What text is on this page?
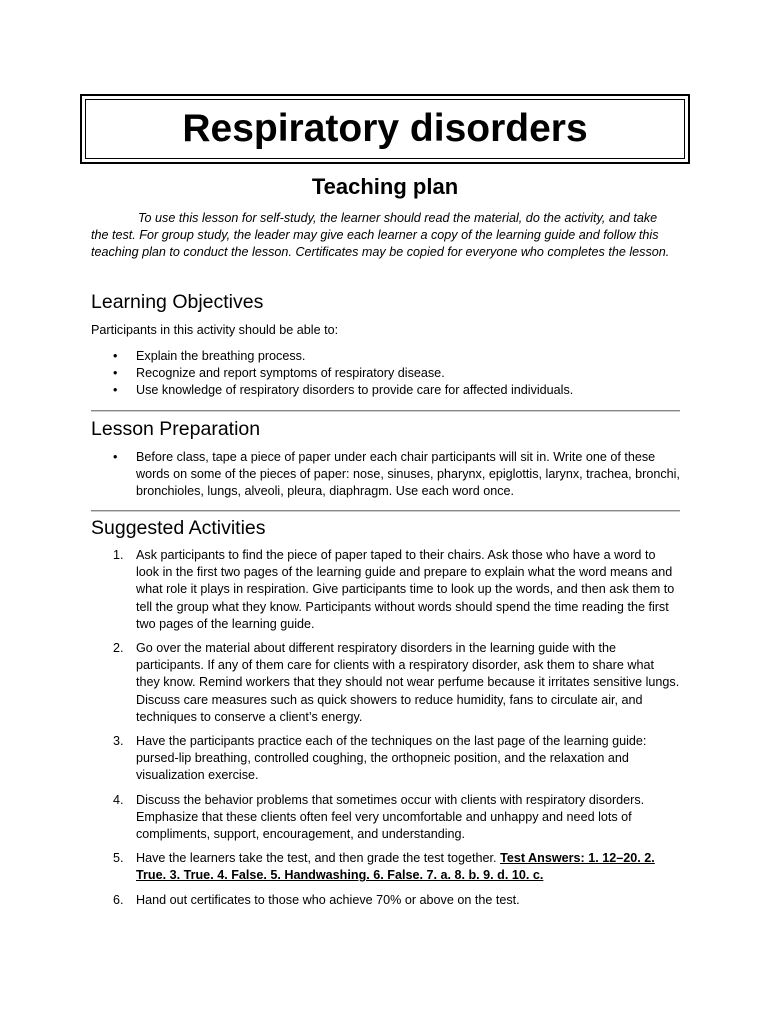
Respiratory disorders
Teaching plan

To use this lesson for self-study, the learner should read the material, do the activity, and take the test. For group study, the leader may give each learner a copy of the learning guide and follow this teaching plan to conduct the lesson. Certificates may be copied for everyone who completes the lesson.

Learning Objectives

Participants in this activity should be able to:

• Explain the breathing process.
• Recognize and report symptoms of respiratory disease.
• Use knowledge of respiratory disorders to provide care for affected individuals.
Lesson Preparation
• Before class, tape a piece of paper under each chair participants will sit in. Write one of these words on some of the pieces of paper: nose, sinuses, pharynx, epiglottis, larynx, trachea, bronchi, bronchioles, lungs, alveoli, pleura, diaphragm. Use each word once.
Suggested Activities
1. Ask participants to find the piece of paper taped to their chairs. Ask those who have a word to look in the first two pages of the learning guide and prepare to explain what the word means and what role it plays in respiration. Give participants time to look up the words, and then ask them to tell the group what they know. Participants without words should spend the time reading the first two pages of the learning guide.
2. Go over the material about different respiratory disorders in the learning guide with the participants. If any of them care for clients with a respiratory disorder, ask them to share what they know. Remind workers that they should not wear perfume because it irritates sensitive lungs. Discuss care measures such as quick showers to reduce humidity, fans to circulate air, and techniques to conserve a client’s energy.
3. Have the participants practice each of the techniques on the last page of the learning guide: pursed-lip breathing, controlled coughing, the orthopneic position, and the relaxation and visualization exercise.
4. Discuss the behavior problems that sometimes occur with clients with respiratory disorders. Emphasize that these clients often feel very uncomfortable and unhappy and need lots of compliments, support, encouragement, and understanding.
5. Have the learners take the test, and then grade the test together. Test Answers: 1. 12–20. 2. True. 3. True. 4. False. 5. Handwashing. 6. False. 7. a. 8. b. 9. d. 10. c.
6. Hand out certificates to those who achieve 70% or above on the test.
